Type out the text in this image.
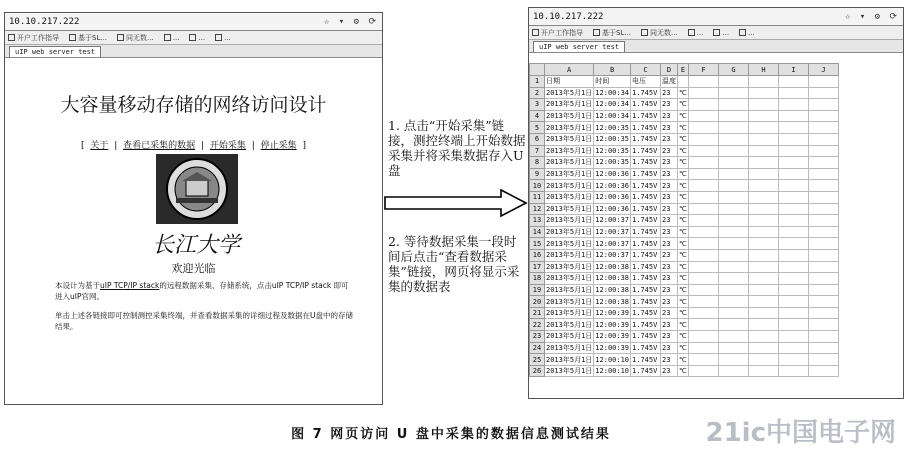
10.10.217.222	☆ ▾ ⚙ ⟳
开户工作指导	基于SL...	同无数...	...	...	...
uIP web server test
大容量移动存储的网络访问设计
[ 关于 | 查看已采集的数据 | 开始采集 | 停止采集 ]
长江大学
欢迎光临
本设计为基于uIP TCP/IP stack的远程数据采集、存储系统，点击uIP TCP/IP stack 即可进入uIP官网。
单击上述各链接即可控制测控采集终端，并查看数据采集的详细过程及数据在U盘中的存储结果。
1. 点击“开始采集”链接，测控终端上开始数据采集并将采集数据存入U盘
2. 等待数据采集一段时间后点击“查看数据采集”链接，网页将显示采集的数据表
10.10.217.222	☆ ▾ ⚙ ⟳
开户工作指导	基于SL...	同无数...	...	...	...
uIP web server test
	A	B	C	D	E	F	G	H	I	J
1	日期	时间	电压	温度						
2	2013年5月1日	12:00:34	1.745V	23	℃					
3	2013年5月1日	12:00:34	1.745V	23	℃					
4	2013年5月1日	12:00:34	1.745V	23	℃					
5	2013年5月1日	12:00:35	1.745V	23	℃					
6	2013年5月1日	12:00:35	1.745V	23	℃					
7	2013年5月1日	12:00:35	1.745V	23	℃					
8	2013年5月1日	12:00:35	1.745V	23	℃					
9	2013年5月1日	12:00:36	1.745V	23	℃					
10	2013年5月1日	12:00:36	1.745V	23	℃					
11	2013年5月1日	12:00:36	1.745V	23	℃					
12	2013年5月1日	12:00:36	1.745V	23	℃					
13	2013年5月1日	12:00:37	1.745V	23	℃					
14	2013年5月1日	12:00:37	1.745V	23	℃					
15	2013年5月1日	12:00:37	1.745V	23	℃					
16	2013年5月1日	12:00:37	1.745V	23	℃					
17	2013年5月1日	12:00:38	1.745V	23	℃					
18	2013年5月1日	12:00:38	1.745V	23	℃					
19	2013年5月1日	12:00:38	1.745V	23	℃					
20	2013年5月1日	12:00:38	1.745V	23	℃					
21	2013年5月1日	12:00:39	1.745V	23	℃					
22	2013年5月1日	12:00:39	1.745V	23	℃					
23	2013年5月1日	12:00:39	1.745V	23	℃					
24	2013年5月1日	12:00:39	1.745V	23	℃					
25	2013年5月1日	12:00:10	1.745V	23	℃					
26	2013年5月1日	12:00:10	1.745V	23	℃					
图 7 网页访问 U 盘中采集的数据信息测试结果	21ic中国电子网
